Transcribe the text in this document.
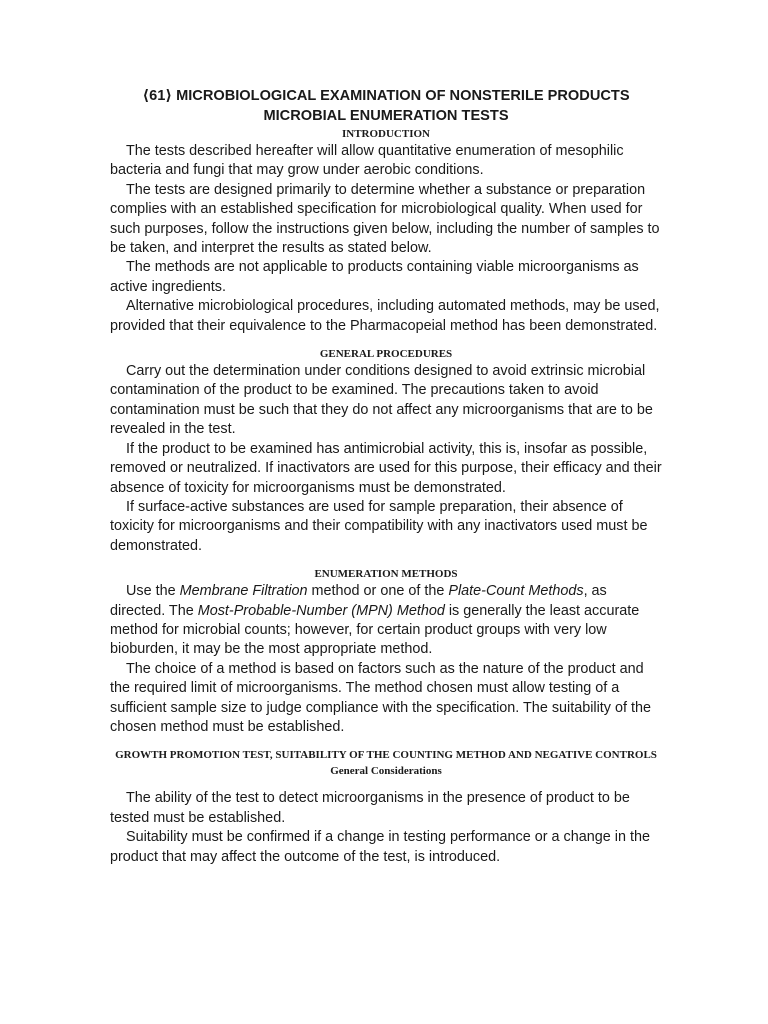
⟨61⟩ MICROBIOLOGICAL EXAMINATION OF NONSTERILE PRODUCTS

MICROBIAL ENUMERATION TESTS

INTRODUCTION

The tests described hereafter will allow quantitative enumeration of mesophilic bacteria and fungi that may grow under aerobic conditions.

The tests are designed primarily to determine whether a substance or preparation complies with an established specification for microbiological quality. When used for such purposes, follow the instructions given below, including the number of samples to be taken, and interpret the results as stated below.

The methods are not applicable to products containing viable microorganisms as active ingredients.

Alternative microbiological procedures, including automated methods, may be used, provided that their equivalence to the Pharmacopeial method has been demonstrated.

GENERAL PROCEDURES

Carry out the determination under conditions designed to avoid extrinsic microbial contamination of the product to be examined. The precautions taken to avoid contamination must be such that they do not affect any microorganisms that are to be revealed in the test.

If the product to be examined has antimicrobial activity, this is, insofar as possible, removed or neutralized. If inactivators are used for this purpose, their efficacy and their absence of toxicity for microorganisms must be demonstrated.

If surface-active substances are used for sample preparation, their absence of toxicity for microorganisms and their compatibility with any inactivators used must be demonstrated.

ENUMERATION METHODS

Use the Membrane Filtration method or one of the Plate-Count Methods, as directed. The Most-Probable-Number (MPN) Method is generally the least accurate method for microbial counts; however, for certain product groups with very low bioburden, it may be the most appropriate method.

The choice of a method is based on factors such as the nature of the product and the required limit of microorganisms. The method chosen must allow testing of a sufficient sample size to judge compliance with the specification. The suitability of the chosen method must be established.

GROWTH PROMOTION TEST, SUITABILITY OF THE COUNTING METHOD AND NEGATIVE CONTROLS

General Considerations

The ability of the test to detect microorganisms in the presence of product to be tested must be established.

Suitability must be confirmed if a change in testing performance or a change in the product that may affect the outcome of the test, is introduced.
